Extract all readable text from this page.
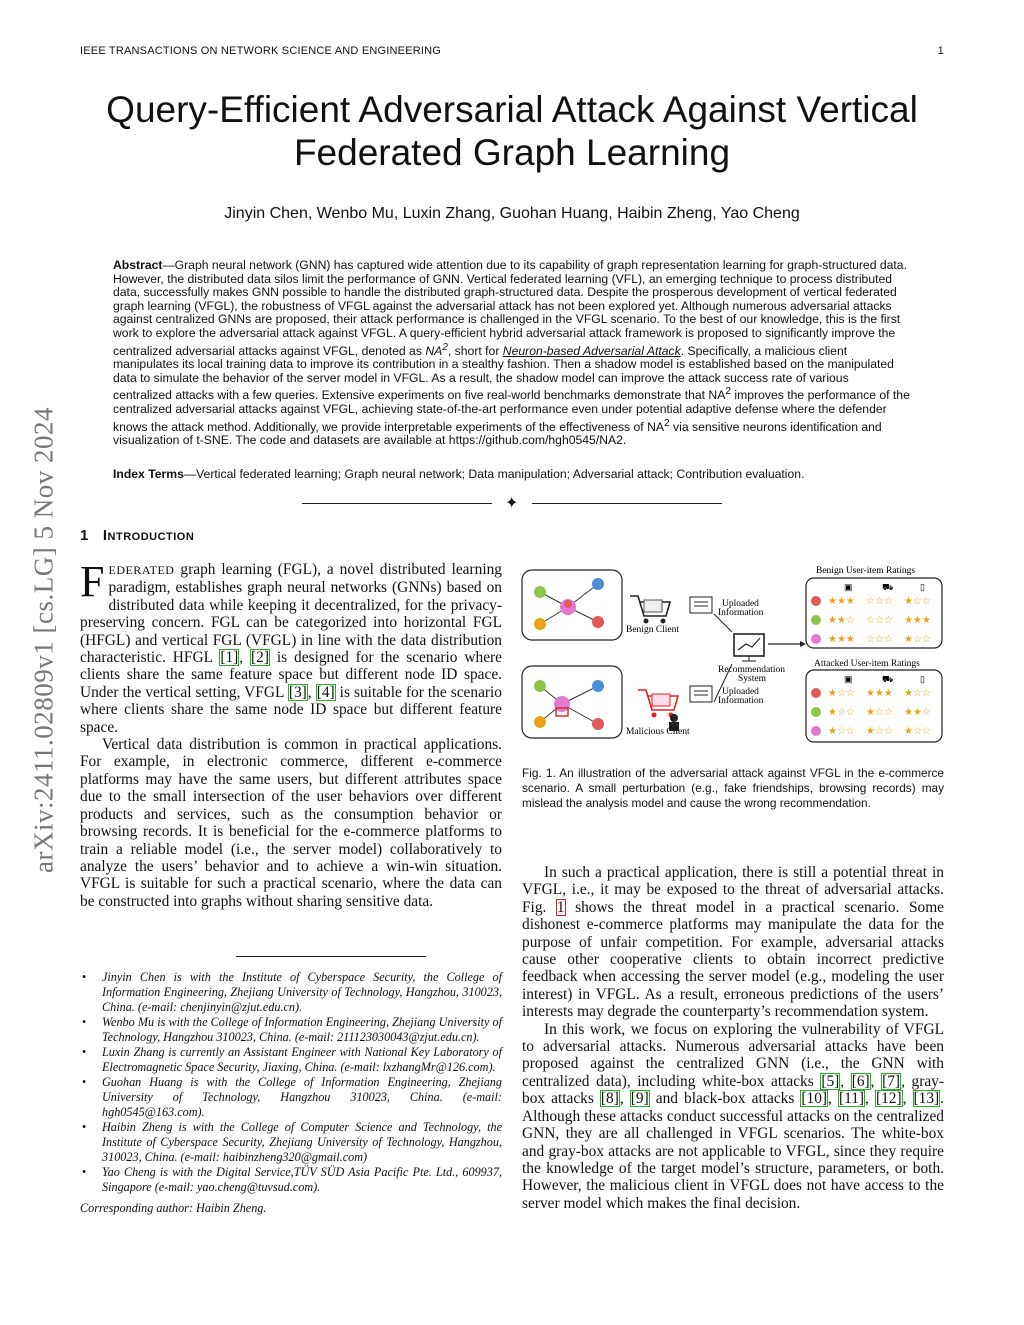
IEEE TRANSACTIONS ON NETWORK SCIENCE AND ENGINEERING	1
arXiv:2411.02809v1 [cs.LG] 5 Nov 2024
Query-Efficient Adversarial Attack Against Vertical Federated Graph Learning
Jinyin Chen, Wenbo Mu, Luxin Zhang, Guohan Huang, Haibin Zheng, Yao Cheng
Abstract—Graph neural network (GNN) has captured wide attention due to its capability of graph representation learning for graph-structured data. However, the distributed data silos limit the performance of GNN. Vertical federated learning (VFL), an emerging technique to process distributed data, successfully makes GNN possible to handle the distributed graph-structured data. Despite the prosperous development of vertical federated graph learning (VFGL), the robustness of VFGL against the adversarial attack has not been explored yet. Although numerous adversarial attacks against centralized GNNs are proposed, their attack performance is challenged in the VFGL scenario. To the best of our knowledge, this is the first work to explore the adversarial attack against VFGL. A query-efficient hybrid adversarial attack framework is proposed to significantly improve the centralized adversarial attacks against VFGL, denoted as $NA^2$, short for Neuron-based Adversarial Attack. Specifically, a malicious client manipulates its local training data to improve its contribution in a stealthy fashion. Then a shadow model is established based on the manipulated data to simulate the behavior of the server model in VFGL. As a result, the shadow model can improve the attack success rate of various centralized attacks with a few queries. Extensive experiments on five real-world benchmarks demonstrate that $NA^2$ improves the performance of the centralized adversarial attacks against VFGL, achieving state-of-the-art performance even under potential adaptive defense where the defender knows the attack method. Additionally, we provide interpretable experiments of the effectiveness of $NA^2$ via sensitive neurons identification and visualization of t-SNE. The code and datasets are available at https://github.com/hgh0545/NA2.
Index Terms—Vertical federated learning; Graph neural network; Data manipulation; Adversarial attack; Contribution evaluation.
✦
1 Introduction

FEDERATED graph learning (FGL), a novel distributed learning paradigm, establishes graph neural networks (GNNs) based on distributed data while keeping it decentralized, for the privacy-preserving concern. FGL can be categorized into horizontal FGL (HFGL) and vertical FGL (VFGL) in line with the data distribution characteristic. HFGL [1], [2] is designed for the scenario where clients share the same feature space but different node ID space. Under the vertical setting, VFGL [3], [4] is suitable for the scenario where clients share the same node ID space but different feature space.

Vertical data distribution is common in practical applications. For example, in electronic commerce, different e-commerce platforms may have the same users, but different attributes space due to the small intersection of the user behaviors over different products and services, such as the consumption behavior or browsing records. It is beneficial for the e-commerce platforms to train a reliable model (i.e., the server model) collaboratively to analyze the users’ behavior and to achieve a win-win situation. VFGL is suitable for such a practical scenario, where the data can be constructed into graphs without sharing sensitive data.

• Jinyin Chen is with the Institute of Cyberspace Security, the College of Information Engineering, Zhejiang University of Technology, Hangzhou, 310023, China. (e-mail: chenjinyin@zjut.edu.cn).
• Wenbo Mu is with the College of Information Engineering, Zhejiang University of Technology, Hangzhou 310023, China. (e-mail: 211123030043@zjut.edu.cn).
• Luxin Zhang is currently an Assistant Engineer with National Key Laboratory of Electromagnetic Space Security, Jiaxing, China. (e-mail: lxzhangMr@126.com).
• Guohan Huang is with the College of Information Engineering, Zhejiang University of Technology, Hangzhou 310023, China. (e-mail: hgh0545@163.com).
• Haibin Zheng is with the College of Computer Science and Technology, the Institute of Cyberspace Security, Zhejiang University of Technology, Hangzhou, 310023, China. (e-mail: haibinzheng320@gmail.com)
• Yao Cheng is with the Digital Service,TÜV SÜD Asia Pacific Pte. Ltd., 609937, Singapore (e-mail: yao.cheng@tuvsud.com).
Corresponding author: Haibin Zheng.
Benign Client
Uploaded
Information
Recommendation
System
Malicious Client
Uploaded
Information
Benign User-item Ratings
▣	⛟	▯
★★★ ☆☆☆ ★☆☆
★★☆ ☆☆☆ ★★★
★★★ ☆☆☆ ★☆☆
Attacked User-item Ratings
▣	⛟	▯
★☆☆ ★★★ ★☆☆
★☆☆ ★☆☆ ★★☆
★☆☆ ★☆☆ ★☆☆
Fig. 1. An illustration of the adversarial attack against VFGL in the e-commerce scenario. A small perturbation (e.g., fake friendships, browsing records) may mislead the analysis model and cause the wrong recommendation.

In such a practical application, there is still a potential threat in VFGL, i.e., it may be exposed to the threat of adversarial attacks. Fig. 1 shows the threat model in a practical scenario. Some dishonest e-commerce platforms may manipulate the data for the purpose of unfair competition. For example, adversarial attacks cause other cooperative clients to obtain incorrect predictive feedback when accessing the server model (e.g., modeling the user interest) in VFGL. As a result, erroneous predictions of the users’ interests may degrade the counterparty’s recommendation system.

In this work, we focus on exploring the vulnerability of VFGL to adversarial attacks. Numerous adversarial attacks have been proposed against the centralized GNN (i.e., the GNN with centralized data), including white-box attacks [5], [6], [7], gray-box attacks [8], [9] and black-box attacks [10], [11], [12], [13]. Although these attacks conduct successful attacks on the centralized GNN, they are all challenged in VFGL scenarios. The white-box and gray-box attacks are not applicable to VFGL, since they require the knowledge of the target model’s structure, parameters, or both. However, the malicious client in VFGL does not have access to the server model which makes the final decision.
